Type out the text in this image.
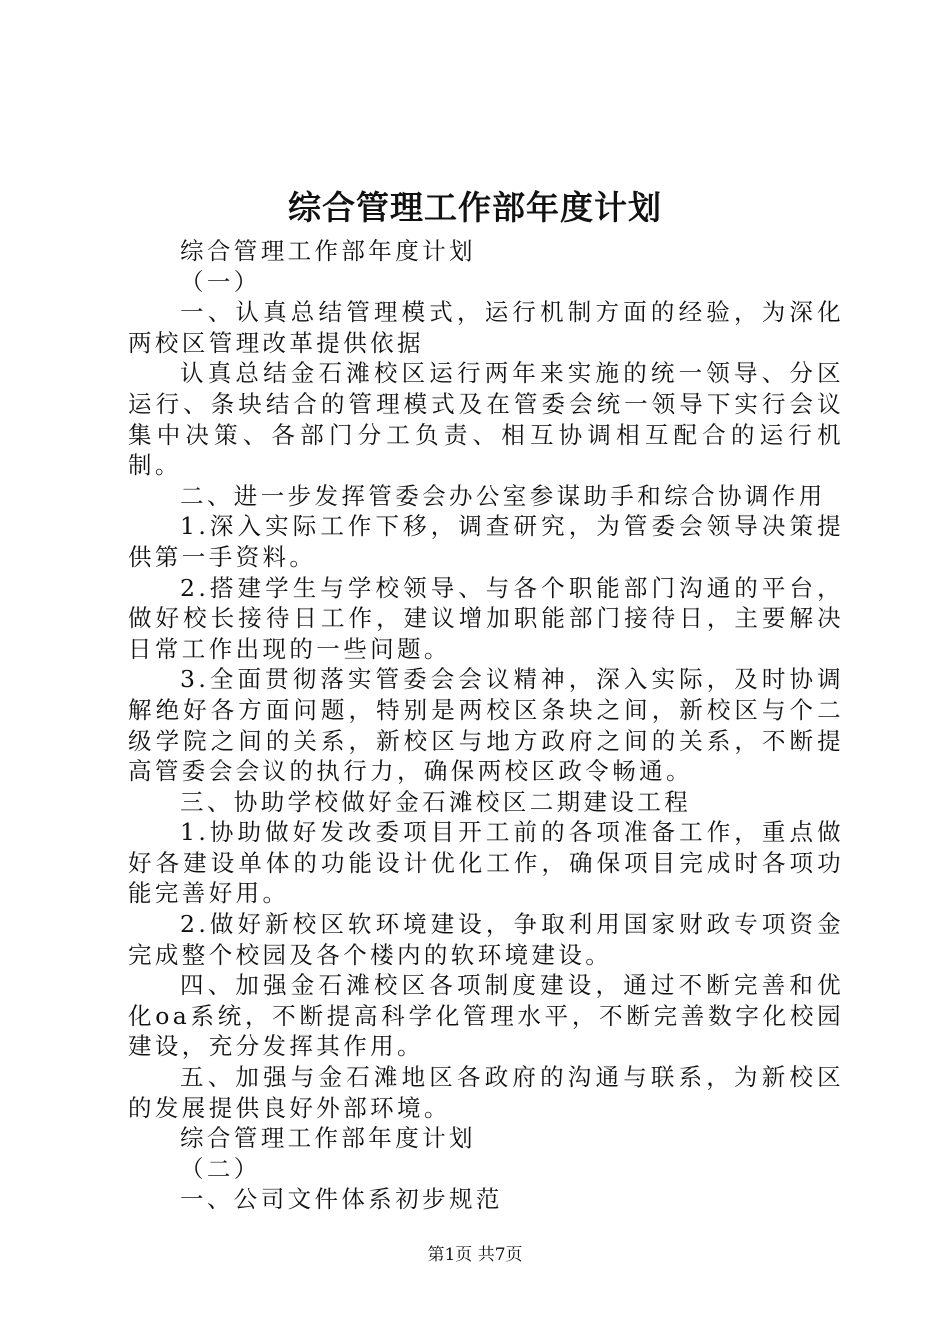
综合管理工作部年度计划

综合管理工作部年度计划

（一）

一、认真总结管理模式，运行机制方面的经验，为深化两校区管理改革提供依据

认真总结金石滩校区运行两年来实施的统一领导、分区运行、条块结合的管理模式及在管委会统一领导下实行会议集中决策、各部门分工负责、相互协调相互配合的运行机制。

二、进一步发挥管委会办公室参谋助手和综合协调作用

1.深入实际工作下移，调查研究，为管委会领导决策提供第一手资料。

2.搭建学生与学校领导、与各个职能部门沟通的平台，做好校长接待日工作，建议增加职能部门接待日，主要解决日常工作出现的一些问题。

3.全面贯彻落实管委会会议精神，深入实际，及时协调解绝好各方面问题，特别是两校区条块之间，新校区与个二级学院之间的关系，新校区与地方政府之间的关系，不断提高管委会会议的执行力，确保两校区政令畅通。

三、协助学校做好金石滩校区二期建设工程

1.协助做好发改委项目开工前的各项准备工作，重点做好各建设单体的功能设计优化工作，确保项目完成时各项功能完善好用。

2.做好新校区软环境建设，争取利用国家财政专项资金完成整个校园及各个楼内的软环境建设。

四、加强金石滩校区各项制度建设，通过不断完善和优化oa系统，不断提高科学化管理水平，不断完善数字化校园建设，充分发挥其作用。

五、加强与金石滩地区各政府的沟通与联系，为新校区的发展提供良好外部环境。

综合管理工作部年度计划

（二）

一、公司文件体系初步规范

第1页 共7页
